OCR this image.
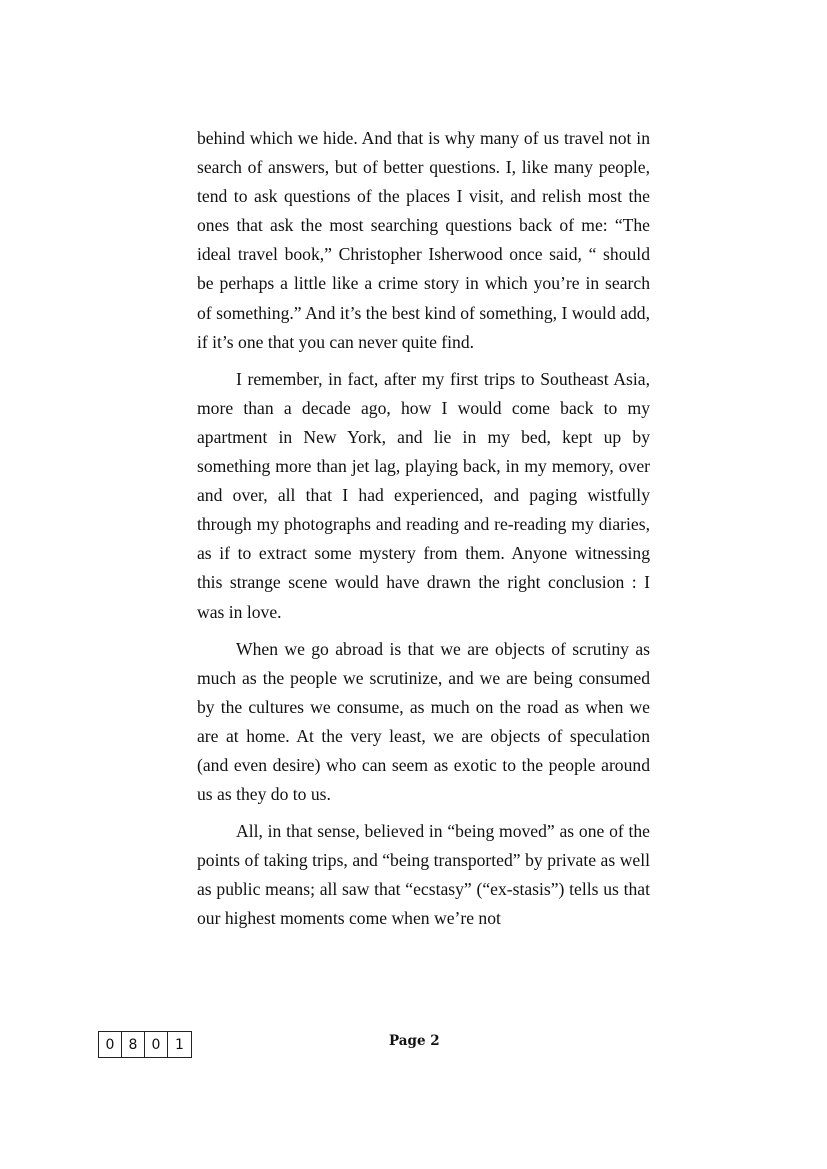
behind which we hide. And that is why many of us travel not in search of answers, but of better questions. I, like many people, tend to ask questions of the places I visit, and relish most the ones that ask the most searching questions back of me: “The ideal travel book,” Christopher Isherwood once said, “ should be perhaps a little like a crime story in which you’re in search of something.” And it’s the best kind of something, I would add, if it’s one that you can never quite find.

I remember, in fact, after my first trips to Southeast Asia, more than a decade ago, how I would come back to my apartment in New York, and lie in my bed, kept up by something more than jet lag, playing back, in my memory, over and over, all that I had experienced, and paging wistfully through my photographs and reading and re-reading my diaries, as if to extract some mystery from them. Anyone witnessing this strange scene would have drawn the right conclusion : I was in love.

When we go abroad is that we are objects of scrutiny as much as the people we scrutinize, and we are being consumed by the cultures we consume, as much on the road as when we are at home. At the very least, we are objects of speculation (and even desire) who can seem as exotic to the people around us as they do to us.

All, in that sense, believed in “being moved” as one of the points of taking trips, and “being transported” by private as well as public means; all saw that “ecstasy” (“ex-stasis”) tells us that our highest moments come when we’re not

0	8	0	1	Page 2
